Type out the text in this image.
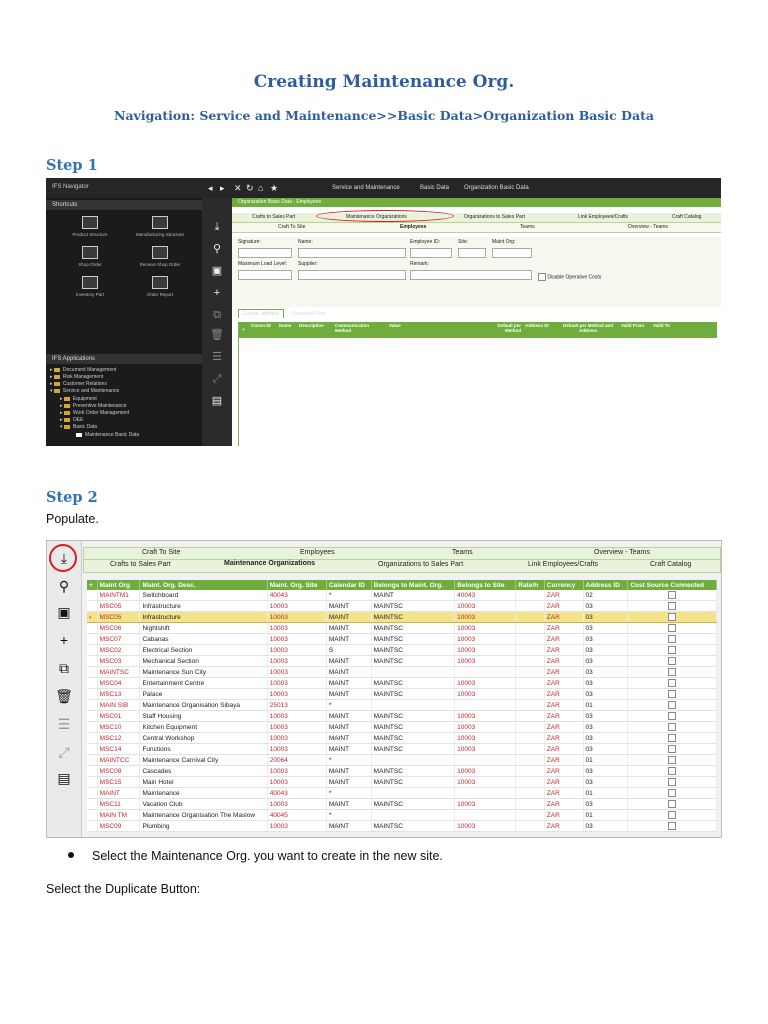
Creating Maintenance Org.
Navigation: Service and Maintenance>>Basic Data>Organization Basic Data
Step 1
IFS Navigator	◂ ▸ ✕ ↻ ⌂ ★	Service and Maintenance	Basic Data	Organization Basic Data
Shortcuts
Product Structure	Manufacturing Structure
Shop Order	Receive Shop Order
Inventory Part	Order Report
IFS Applications
▸ Document Management
▸ Risk Management
▸ Customer Relations
▾ Service and Maintenance
▸ Equipment
▸ Preventive Maintenance
▸ Work Order Management
▸ OEE
▾ Basic Data
Maintenance Basic Data
⤓
⚲
▣
+
⧉
🗑
☰
⤢
▤
Organization Basic Data - Employees
Crafts to Sales Part	Maintenance Organizations	Organizations to Sales Part	Link Employees/Crafts	Craft Catalog
Craft To Site	Employees	Teams	Overview - Teams
Signature:	Name:	Employee ID:	Site:	Maint Org:
Maximum Load Level: Supplier:	Remark:
Disable Operative Costs
Comm. Method Operation Filter
+
Comm ID Name Description Communication Method
Value	Default per Method
Address ID	Default per Method and Address
Valid From Valid To
Step 2
Populate.
⤓
⚲
▣
+
⧉
🗑
☰
⤢
▤
Craft To Site	Employees	Teams	Overview - Teams
Crafts to Sales Part	Maintenance Organizations	Organizations to Sales Part	Link Employees/Crafts	Craft Catalog
+	Maint Org	Maint. Org. Desc.	Maint. Org. Site	Calendar ID	Belongs to Maint. Org.	Belongs to Site	Rate/h	Currency	Address ID	Cost Source Connected
	MAINTM1	Switchboard	40043	*	MAINT	40043		ZAR	02	
	MSC05	Infrastructure	10003	MAINT	MAINTSC	10003		ZAR	03	
›	MSC05	Infrastructure	10003	MAINT	MAINTSC	10003		ZAR	03	
	MSC06	Nightshift	10003	MAINT	MAINTSC	10003		ZAR	03	
	MSC07	Cabanas	10003	MAINT	MAINTSC	10003		ZAR	03	
	MSC02	Electrical Section	10003	S	MAINTSC	10003		ZAR	03	
	MSC03	Mechanical Section	10003	MAINT	MAINTSC	10003		ZAR	03	
	MAINTSC	Maintenance Sun City	10003	MAINT				ZAR	03	
	MSC04	Entertainment Centre	10003	MAINT	MAINTSC	10003		ZAR	03	
	MSC13	Palace	10003	MAINT	MAINTSC	10003		ZAR	03	
	MAIN SIB	Maintenance Organisation Sibaya	25013	*				ZAR	01	
	MSC01	Staff Housing	10003	MAINT	MAINTSC	10003		ZAR	03	
	MSC10	Kitchen Equipment	10003	MAINT	MAINTSC	10003		ZAR	03	
	MSC12	Central Workshop	10003	MAINT	MAINTSC	10003		ZAR	03	
	MSC14	Functions	10003	MAINT	MAINTSC	10003		ZAR	03	
	MAINTCC	Maintenance Carnival City	20064	*				ZAR	01	
	MSC08	Cascades	10003	MAINT	MAINTSC	10003		ZAR	03	
	MSC15	Main Hotel	10003	MAINT	MAINTSC	10003		ZAR	03	
	MAINT	Maintenance	40043	*				ZAR	01	
	MSC11	Vacation Club	10003	MAINT	MAINTSC	10003		ZAR	03	
	MAIN TM	Maintenance Organisation The Maslow	40045	*				ZAR	01	
	MSC09	Plumbing	10003	MAINT	MAINTSC	10003		ZAR	03	
Select the Maintenance Org. you want to create in the new site.
Select the Duplicate Button:
